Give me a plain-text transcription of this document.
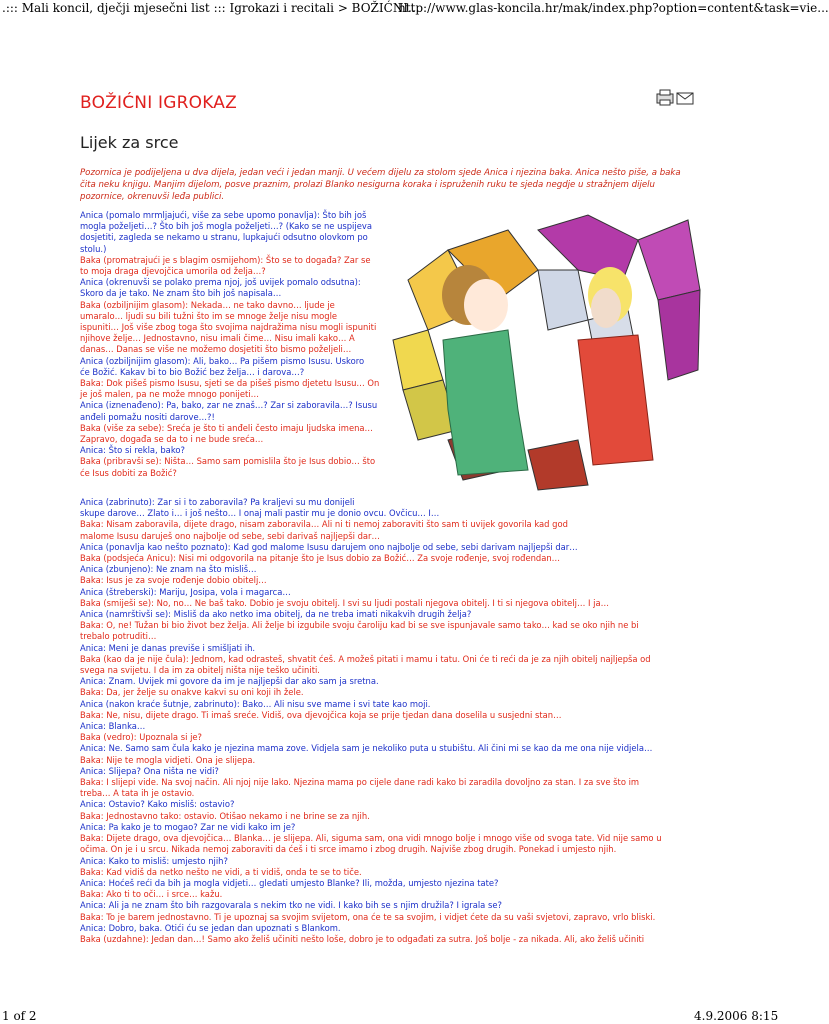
.::: Mali koncil, dječji mjesečni list ::: Igrokazi i recitali > BOŽIĆNI...
http://www.glas-koncila.hr/mak/index.php?option=content&task=vie...
BOŽIĆNI IGROKAZ
Lijek za srce
Pozornica je podijeljena u dva dijela, jedan veći i jedan manji. U većem dijelu za stolom sjede Anica i njezina baka. Anica nešto piše, a baka čita neku knjigu. Manjim dijelom, posve praznim, prolazi Blanko nesigurna koraka i ispruženih ruku te sjeda negdje u stražnjem dijelu pozornice, okrenuvši leđa publici.
Anica (pomalo mrmljajući, više za sebe upomo ponavlja): Što bih još
mogla poželjeti…? Što bih još mogla poželjeti…? (Kako se ne uspijeva
dosjetiti, zagleda se nekamo u stranu, lupkajući odsutno olovkom po
stolu.)
Baka (promatrajući je s blagim osmijehom): Što se to događa? Zar se
to moja draga djevojčica umorila od želja…?
Anica (okrenuvši se polako prema njoj, još uvijek pomalo odsutna):
Skoro da je tako. Ne znam što bih još napisala…
Baka (ozbiljnijim glasom): Nekada… ne tako davno… ljude je
umaralo… ljudi su bili tužni što im se mnoge želje nisu mogle
ispuniti… Još više zbog toga što svojima najdražima nisu mogli ispuniti
njihove želje… Jednostavno, nisu imali čime… Nisu imali kako… A
danas… Danas se više ne možemo dosjetiti što bismo poželjeli…
Anica (ozbiljnijim glasom): Ali, bako… Pa pišem pismo Isusu. Uskoro
će Božić. Kakav bi to bio Božić bez želja… i darova…?
Baka: Dok pišeš pismo Isusu, sjeti se da pišeš pismo djetetu Isusu… On
je još malen, pa ne može mnogo ponijeti…
Anica (iznenađeno): Pa, bako, zar ne znaš…? Zar si zaboravila…? Isusu
anđeli pomažu nositi darove…?!
Baka (više za sebe): Sreća je što ti anđeli često imaju ljudska imena…
Zapravo, događa se da to i ne bude sreća…
Anica: Što si rekla, bako?
Baka (pribravši se): Ništa… Samo sam pomislila što je Isus dobio… što
će Isus dobiti za Božić?
Anica (zabrinuto): Zar si i to zaboravila? Pa kraljevi su mu donijeli
skupe darove… Zlato i… i još nešto… I onaj mali pastir mu je donio ovcu. Ovčicu… I…
Baka: Nisam zaboravila, dijete drago, nisam zaboravila… Ali ni ti nemoj zaboraviti što sam ti uvijek govorila kad god
malome Isusu daruješ ono najbolje od sebe, sebi darivaš najljepši dar…
Anica (ponavlja kao nešto poznato): Kad god malome Isusu darujem ono najbolje od sebe, sebi darivam najljepši dar…
Baka (podsjeća Anicu): Nisi mi odgovorila na pitanje što je Isus dobio za Božić… Za svoje rođenje, svoj rođendan…
Anica (zbunjeno): Ne znam na što misliš…
Baka: Isus je za svoje rođenje dobio obitelj…
Anica (štreberski): Mariju, Josipa, vola i magarca…
Baka (smiješi se): No, no… Ne baš tako. Dobio je svoju obitelj. I svi su ljudi postali njegova obitelj. I ti si njegova obitelj… I ja…
Anica (namrštivši se): Misliš da ako netko ima obitelj, da ne treba imati nikakvih drugih želja?
Baka: O, ne! Tužan bi bio život bez želja. Ali želje bi izgubile svoju čaroliju kad bi se sve ispunjavale samo tako… kad se oko njih ne bi
trebalo potruditi…
Anica: Meni je danas previše i smišljati ih.
Baka (kao da je nije čula): Jednom, kad odrasteš, shvatit ćeš. A možeš pitati i mamu i tatu. Oni će ti reći da je za njih obitelj najljepša od
svega na svijetu. I da im za obitelj ništa nije teško učiniti.
Anica: Znam. Uvijek mi govore da im je najljepši dar ako sam ja sretna.
Baka: Da, jer želje su onakve kakvi su oni koji ih žele.
Anica (nakon kraće šutnje, zabrinuto): Bako… Ali nisu sve mame i svi tate kao moji.
Baka: Ne, nisu, dijete drago. Ti imaš sreće. Vidiš, ova djevojčica koja se prije tjedan dana doselila u susjedni stan…
Anica: Blanka…
Baka (vedro): Upoznala si je?
Anica: Ne. Samo sam čula kako je njezina mama zove. Vidjela sam je nekoliko puta u stubištu. Ali čini mi se kao da me ona nije vidjela…
Baka: Nije te mogla vidjeti. Ona je slijepa.
Anica: Slijepa? Ona ništa ne vidi?
Baka: I slijepi vide. Na svoj način. Ali njoj nije lako. Njezina mama po cijele dane radi kako bi zaradila dovoljno za stan. I za sve što im
treba… A tata ih je ostavio.
Anica: Ostavio? Kako misliš: ostavio?
Baka: Jednostavno tako: ostavio. Otišao nekamo i ne brine se za njih.
Anica: Pa kako je to mogao? Zar ne vidi kako im je?
Baka: Dijete drago, ova djevojčica… Blanka… je slijepa. Ali, siguma sam, ona vidi mnogo bolje i mnogo više od svoga tate. Vid nije samo u
očima. On je i u srcu. Nikada nemoj zaboraviti da ćeš i ti srce imamo i zbog drugih. Najviše zbog drugih. Ponekad i umjesto njih.
Anica: Kako to misliš: umjesto njih?
Baka: Kad vidiš da netko nešto ne vidi, a ti vidiš, onda te se to tiče.
Anica: Hoćeš reći da bih ja mogla vidjeti… gledati umjesto Blanke? Ili, možda, umjesto njezina tate?
Baka: Ako ti to oči… i srce… kažu.
Anica: Ali ja ne znam što bih razgovarala s nekim tko ne vidi. I kako bih se s njim družila? I igrala se?
Baka: To je barem jednostavno. Ti je upoznaj sa svojim svijetom, ona će te sa svojim, i vidjet ćete da su vaši svjetovi, zapravo, vrlo bliski.
Anica: Dobro, baka. Otići ću se jedan dan upoznati s Blankom.
Baka (uzdahne): Jedan dan…! Samo ako želiš učiniti nešto loše, dobro je to odgađati za sutra. Još bolje - za nikada. Ali, ako želiš učiniti
1 of 2	4.9.2006 8:15
